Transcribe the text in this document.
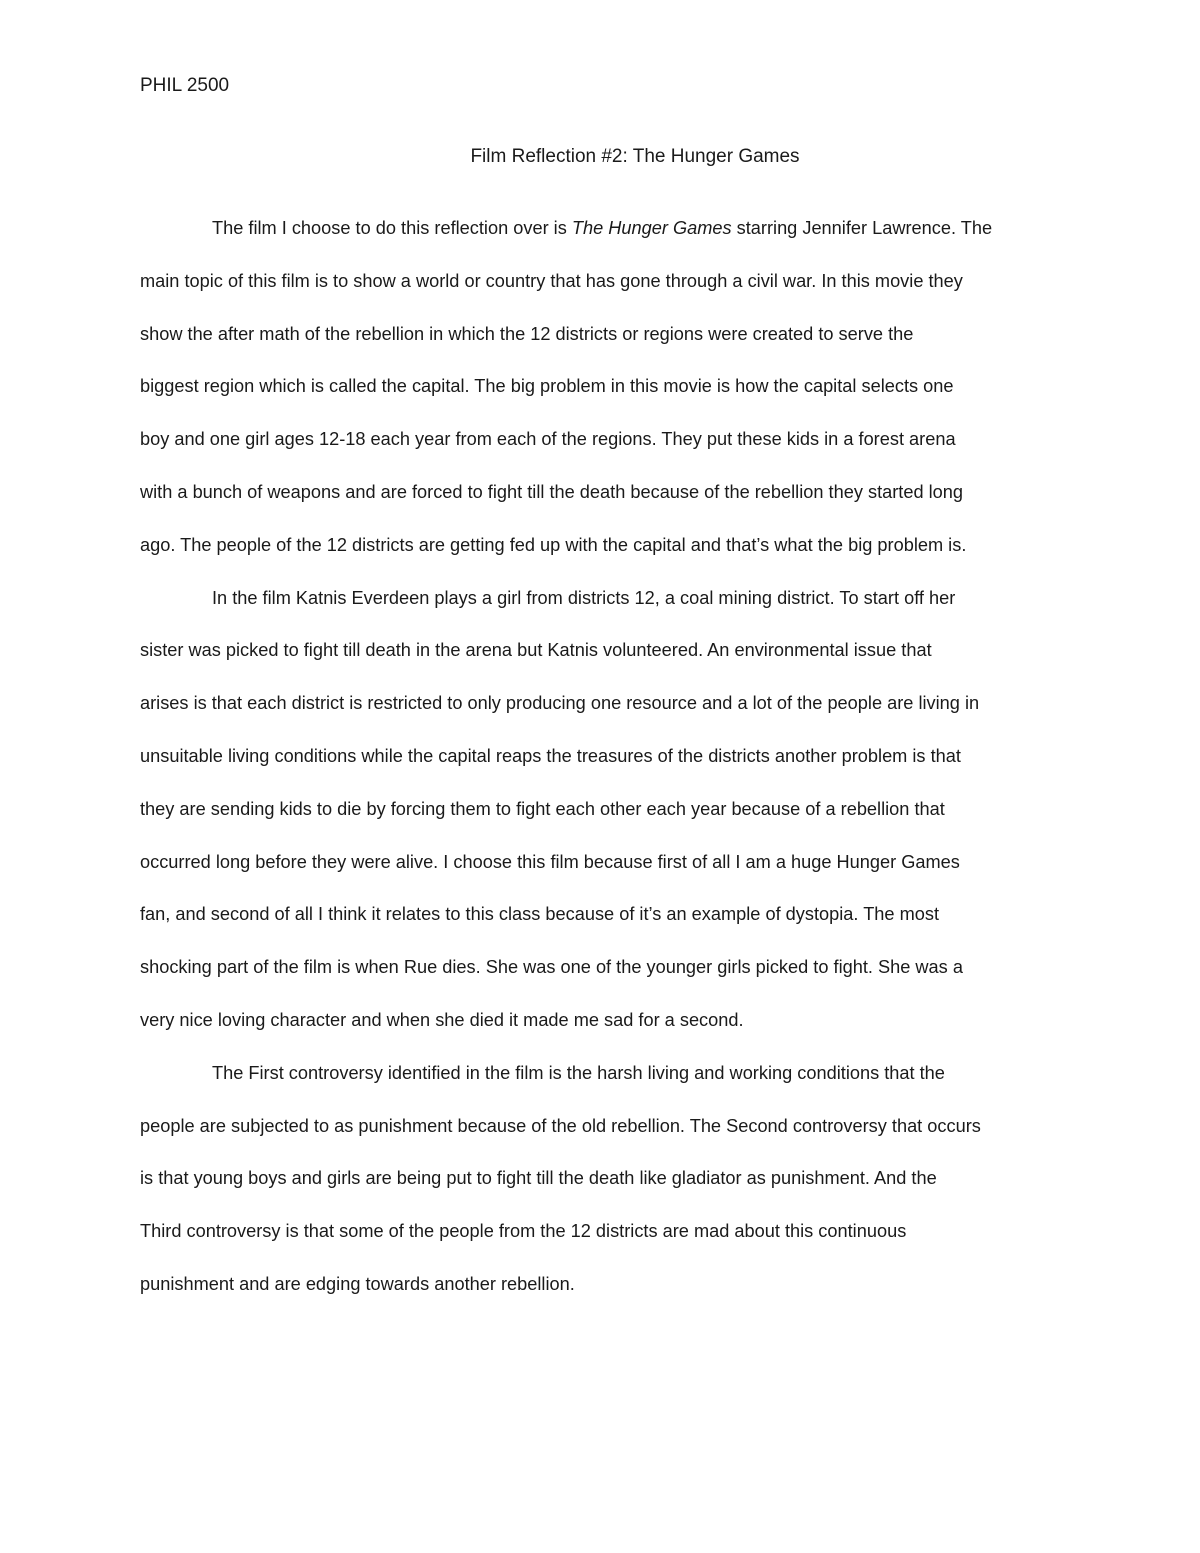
PHIL 2500
Film Reflection #2: The Hunger Games
The film I choose to do this reflection over is The Hunger Games starring Jennifer Lawrence. The
main topic of this film is to show a world or country that has gone through a civil war. In this movie they
show the after math of the rebellion in which the 12 districts or regions were created to serve the
biggest region which is called the capital. The big problem in this movie is how the capital selects one
boy and one girl ages 12-18 each year from each of the regions. They put these kids in a forest arena
with a bunch of weapons and are forced to fight till the death because of the rebellion they started long
ago. The people of the 12 districts are getting fed up with the capital and that’s what the big problem is.
In the film Katnis Everdeen plays a girl from districts 12, a coal mining district. To start off her
sister was picked to fight till death in the arena but Katnis volunteered. An environmental issue that
arises is that each district is restricted to only producing one resource and a lot of the people are living in
unsuitable living conditions while the capital reaps the treasures of the districts another problem is that
they are sending kids to die by forcing them to fight each other each year because of a rebellion that
occurred long before they were alive. I choose this film because first of all I am a huge Hunger Games
fan, and second of all I think it relates to this class because of it’s an example of dystopia. The most
shocking part of the film is when Rue dies. She was one of the younger girls picked to fight. She was a
very nice loving character and when she died it made me sad for a second.
The First controversy identified in the film is the harsh living and working conditions that the
people are subjected to as punishment because of the old rebellion. The Second controversy that occurs
is that young boys and girls are being put to fight till the death like gladiator as punishment. And the
Third controversy is that some of the people from the 12 districts are mad about this continuous
punishment and are edging towards another rebellion.
